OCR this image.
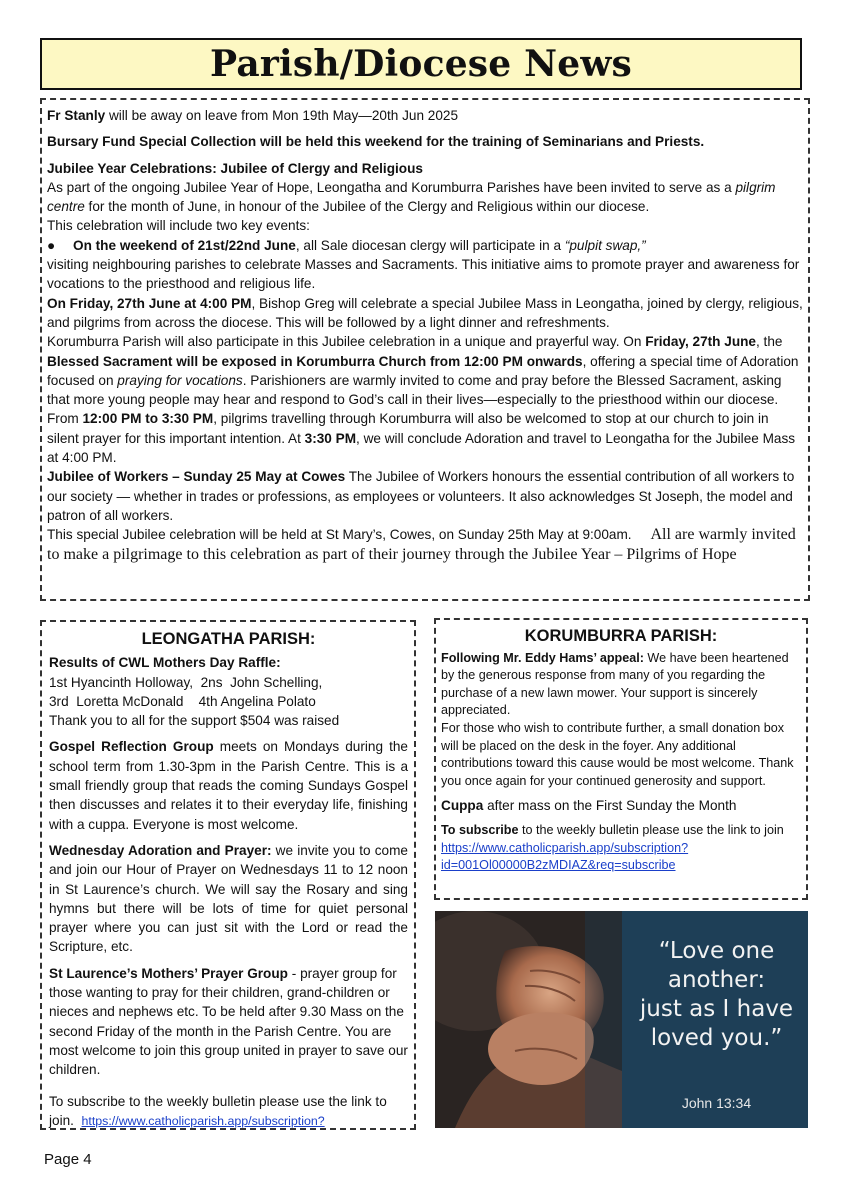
Parish/Diocese News

Fr Stanly will be away on leave from Mon 19th May—20th Jun 2025

Bursary Fund Special Collection will be held this weekend for the training of Seminarians and Priests.

Jubilee Year Celebrations: Jubilee of Clergy and Religious

As part of the ongoing Jubilee Year of Hope, Leongatha and Korumburra Parishes have been invited to serve as a pilgrim centre for the month of June, in honour of the Jubilee of the Clergy and Religious within our diocese.

This celebration will include two key events:

● On the weekend of 21st/22nd June, all Sale diocesan clergy will participate in a “pulpit swap,”

visiting neighbouring parishes to celebrate Masses and Sacraments. This initiative aims to promote prayer and awareness for vocations to the priesthood and religious life.

On Friday, 27th June at 4:00 PM, Bishop Greg will celebrate a special Jubilee Mass in Leongatha, joined by clergy, religious, and pilgrims from across the diocese. This will be followed by a light dinner and refreshments.

Korumburra Parish will also participate in this Jubilee celebration in a unique and prayerful way. On Friday, 27th June, the Blessed Sacrament will be exposed in Korumburra Church from 12:00 PM onwards, offering a special time of Adoration focused on praying for vocations. Parishioners are warmly invited to come and pray before the Blessed Sacrament, asking that more young people may hear and respond to God’s call in their lives—especially to the priesthood within our diocese.

From 12:00 PM to 3:30 PM, pilgrims travelling through Korumburra will also be welcomed to stop at our church to join in silent prayer for this important intention. At 3:30 PM, we will conclude Adoration and travel to Leongatha for the Jubilee Mass at 4:00 PM.

Jubilee of Workers – Sunday 25 May at Cowes The Jubilee of Workers honours the essential contribution of all workers to our society — whether in trades or professions, as employees or volunteers. It also acknowledges St Joseph, the model and patron of all workers.

This special Jubilee celebration will be held at St Mary’s, Cowes, on Sunday 25th May at 9:00am. All are warmly invited to make a pilgrimage to this celebration as part of their journey through the Jubilee Year – Pilgrims of Hope

LEONGATHA PARISH:

Results of CWL Mothers Day Raffle:

1st Hyancinth Holloway,  2ns  John Schelling,

3rd  Loretta McDonald    4th Angelina Polato

Thank you to all for the support $504 was raised

Gospel Reflection Group meets on Mondays during the school term from 1.30-3pm in the Parish Centre. This is a small friendly group that reads the coming Sundays Gospel then discusses and relates it to their everyday life, finishing with a cuppa. Everyone is most welcome.

Wednesday Adoration and Prayer: we invite you to come and join our Hour of Prayer on Wednesdays 11 to 12 noon in St Laurence’s church. We will say the Rosary and sing hymns but there will be lots of time for quiet personal prayer where you can just sit with the Lord or read the Scripture, etc.

St Laurence’s Mothers’ Prayer Group - prayer group for those wanting to pray for their children, grand-children or nieces and nephews etc. To be held after 9.30 Mass on the second Friday of the month in the Parish Centre. You are most welcome to join this group united in prayer to save our children.

To subscribe to the weekly bulletin please use the link to join. https://www.catholicparish.app/subscription?

KORUMBURRA PARISH:

Following Mr. Eddy Hams’ appeal: We have been heartened by the generous response from many of you regarding the purchase of a new lawn mower. Your support is sincerely appreciated.

For those who wish to contribute further, a small donation box will be placed on the desk in the foyer. Any additional contributions toward this cause would be most welcome. Thank you once again for your continued generosity and support.

Cuppa after mass on the First Sunday the Month

To subscribe to the weekly bulletin please use the link to join

https://www.catholicparish.app/subscription?

id=001Ol00000B2zMDIAZ&req=subscribe

“Love one
another:
just as I have
loved you.”
John 13:34
Page 4
